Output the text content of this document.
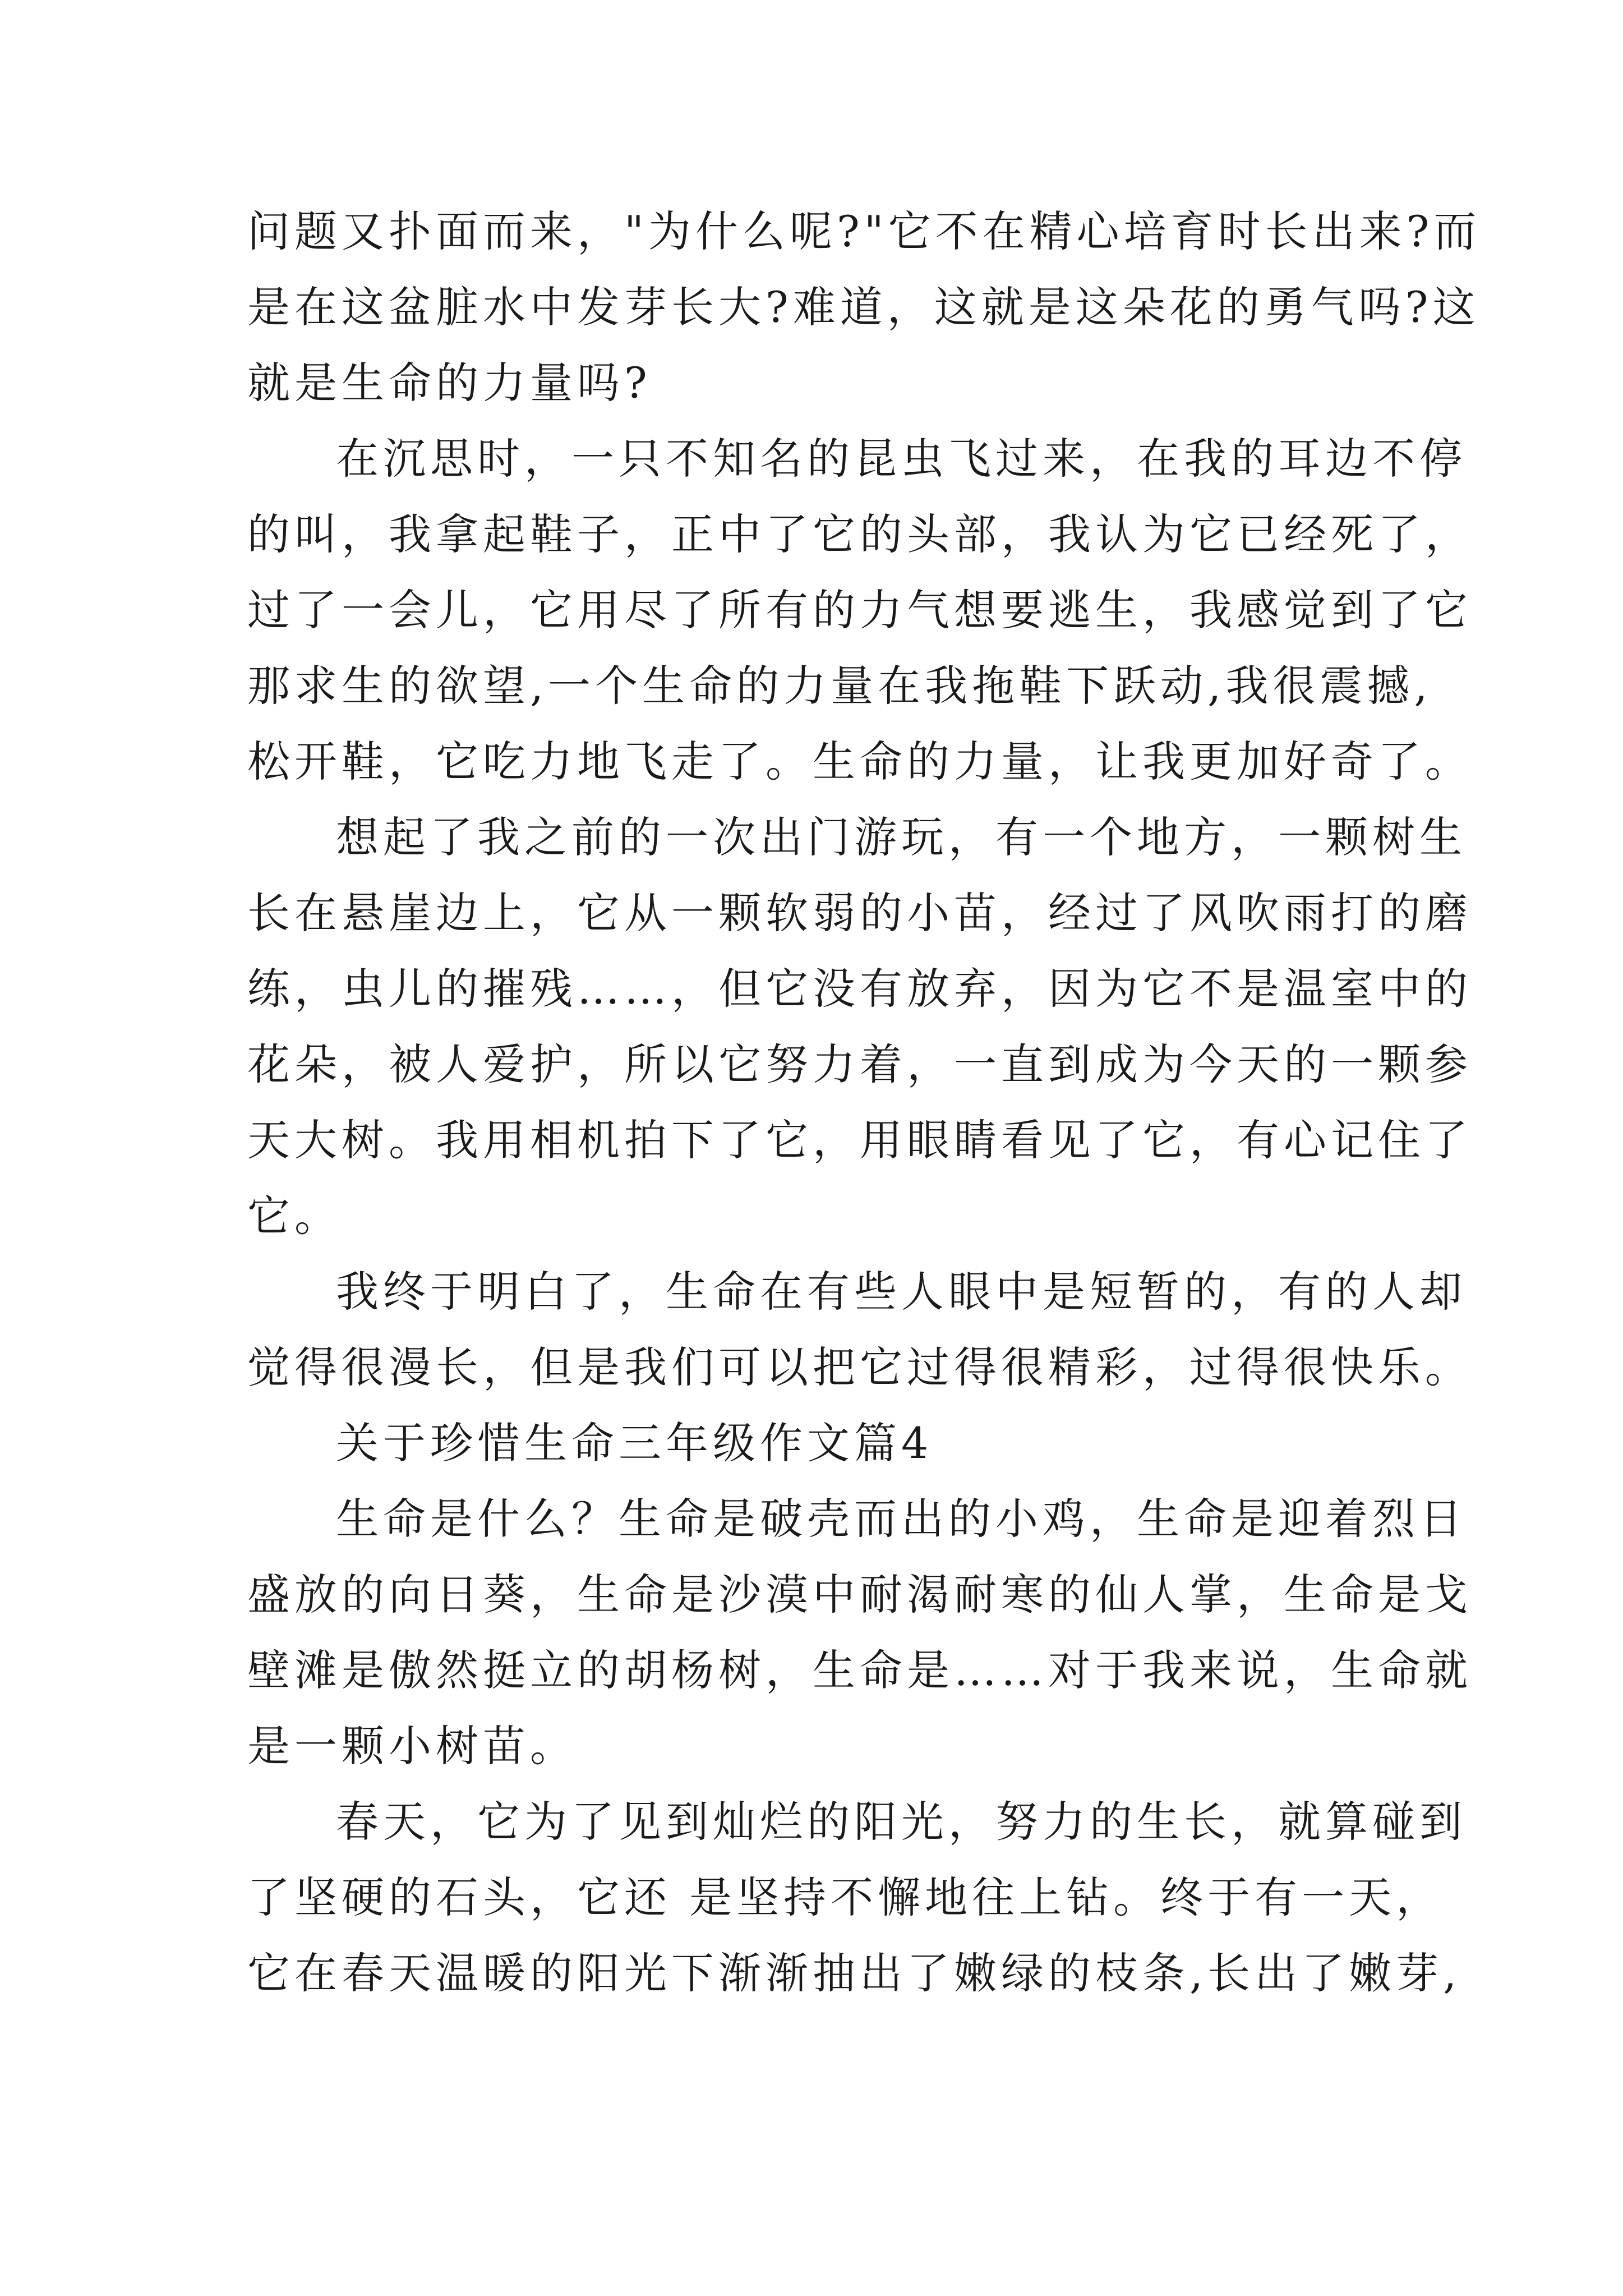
问题又扑面而来，"为什么呢?"它不在精心培育时长出来?而
是在这盆脏水中发芽长大?难道，这就是这朵花的勇气吗?这
就是生命的力量吗?
在沉思时，一只不知名的昆虫飞过来，在我的耳边不停
的叫，我拿起鞋子，正中了它的头部，我认为它已经死了，
过了一会儿，它用尽了所有的力气想要逃生，我感觉到了它
那求生的欲望,一个生命的力量在我拖鞋下跃动,我很震撼,
松开鞋，它吃力地飞走了。生命的力量，让我更加好奇了。
想起了我之前的一次出门游玩，有一个地方，一颗树生
长在悬崖边上，它从一颗软弱的小苗，经过了风吹雨打的磨
练，虫儿的摧残……，但它没有放弃，因为它不是温室中的
花朵，被人爱护，所以它努力着，一直到成为今天的一颗参
天大树。我用相机拍下了它，用眼睛看见了它，有心记住了
它。
我终于明白了，生命在有些人眼中是短暂的，有的人却
觉得很漫长，但是我们可以把它过得很精彩，过得很快乐。
关于珍惜生命三年级作文篇4
生命是什么？生命是破壳而出的小鸡，生命是迎着烈日
盛放的向日葵，生命是沙漠中耐渴耐寒的仙人掌，生命是戈
壁滩是傲然挺立的胡杨树，生命是……对于我来说，生命就
是一颗小树苗。
春天，它为了见到灿烂的阳光，努力的生长，就算碰到
了坚硬的石头，它还 是坚持不懈地往上钻。终于有一天，
它在春天温暖的阳光下渐渐抽出了嫩绿的枝条,长出了嫩芽,
